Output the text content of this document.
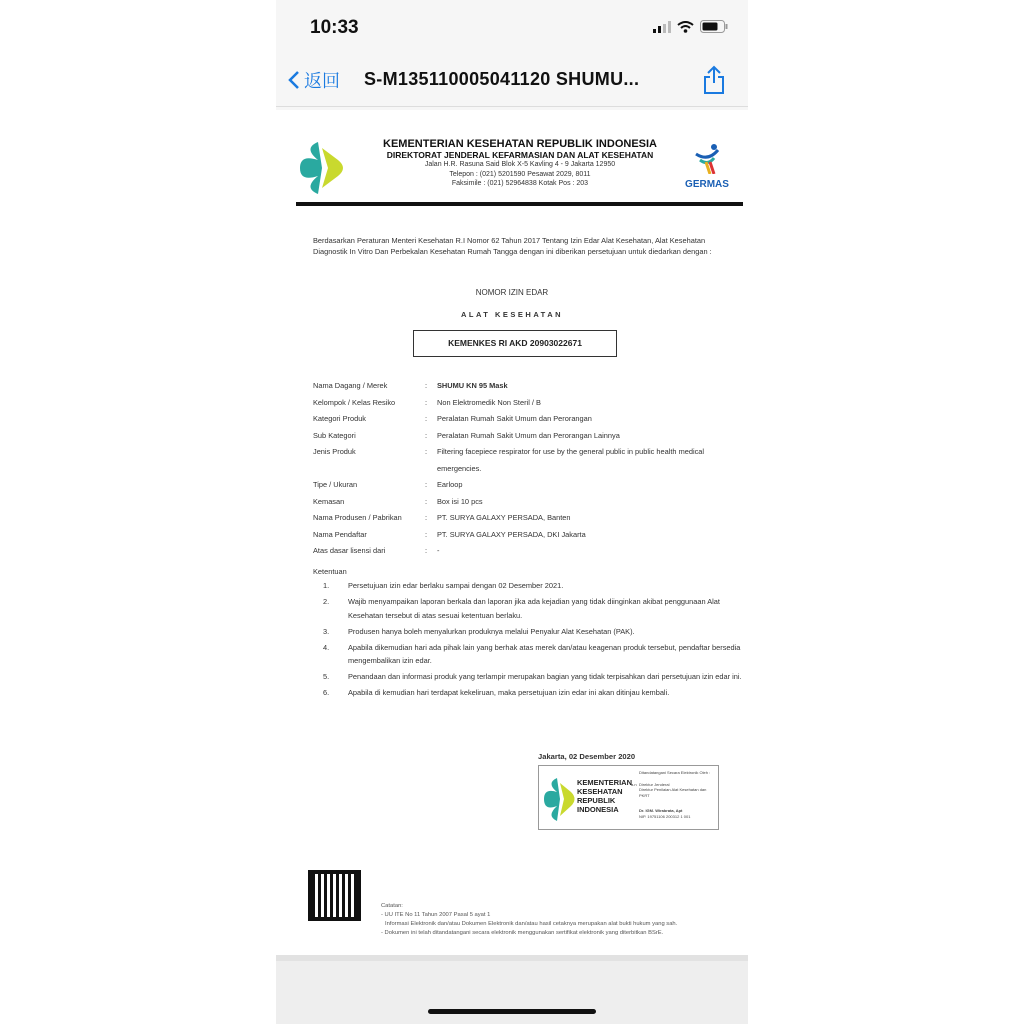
10:33
返回 S-M135110005041120 SHUMU...
KEMENTERIAN KESEHATAN REPUBLIK INDONESIA
DIREKTORAT JENDERAL KEFARMASIAN DAN ALAT KESEHATAN
Jalan H.R. Rasuna Said Blok X-5 Kavling 4 - 9 Jakarta 12950
Telepon : (021) 5201590 Pesawat 2029, 8011
Faksimile : (021) 52964838 Kotak Pos : 203	GERMAS
Berdasarkan Peraturan Menteri Kesehatan R.I Nomor 62 Tahun 2017 Tentang Izin Edar Alat Kesehatan, Alat Kesehatan Diagnostik In Vitro Dan Perbekalan Kesehatan Rumah Tangga dengan ini diberikan persetujuan untuk diedarkan dengan :
NOMOR IZIN EDAR
ALAT KESEHATAN
KEMENKES RI AKD 20903022671
Nama Dagang / Merek	: SHUMU KN 95 Mask
Kelompok / Kelas Resiko	: Non Elektromedik Non Steril / B
Kategori Produk	: Peralatan Rumah Sakit Umum dan Perorangan
Sub Kategori	: Peralatan Rumah Sakit Umum dan Perorangan Lainnya
Jenis Produk	: Filtering facepiece respirator for use by the general public in public health medical emergencies.
Tipe / Ukuran	: Earloop
Kemasan	: Box isi 10 pcs
Nama Produsen / Pabrikan	: PT. SURYA GALAXY PERSADA, Banten
Nama Pendaftar	: PT. SURYA GALAXY PERSADA, DKI Jakarta
Atas dasar lisensi dari	: -
Ketentuan
1.	Persetujuan izin edar berlaku sampai dengan 02 Desember 2021.
2.	Wajib menyampaikan laporan berkala dan laporan jika ada kejadian yang tidak diinginkan akibat penggunaan Alat Kesehatan tersebut di atas sesuai ketentuan berlaku.
3.	Produsen hanya boleh menyalurkan produknya melalui Penyalur Alat Kesehatan (PAK).
4.	Apabila dikemudian hari ada pihak lain yang berhak atas merek dan/atau keagenan produk tersebut, pendaftar bersedia mengembalikan izin edar.
5.	Penandaan dan informasi produk yang terlampir merupakan bagian yang tidak terpisahkan dari persetujuan izin edar ini.
6.	Apabila di kemudian hari terdapat kekeliruan, maka persetujuan izin edar ini akan ditinjau kembali.
Jakarta, 02 Desember 2020
KEMENTERIAN KESEHATAN REPUBLIK INDONESIA
Ditandatangani Secara Elektronik Oleh :
a.n Direktur Jenderal
Direktur Penilaian Alat Kesehatan dan PKRT
Dr. IGM. Wirabrata, Apt
NIP. 19751106 200312 1 001
Catatan:
- UU ITE No 11 Tahun 2007 Pasal 5 ayat 1
Informasi Elektronik dan/atau Dokumen Elektronik dan/atau hasil cetaknya merupakan alat bukti hukum yang sah.
- Dokumen ini telah ditandatangani secara elektronik menggunakan sertifikat elektronik yang diterbitkan BSrE.
